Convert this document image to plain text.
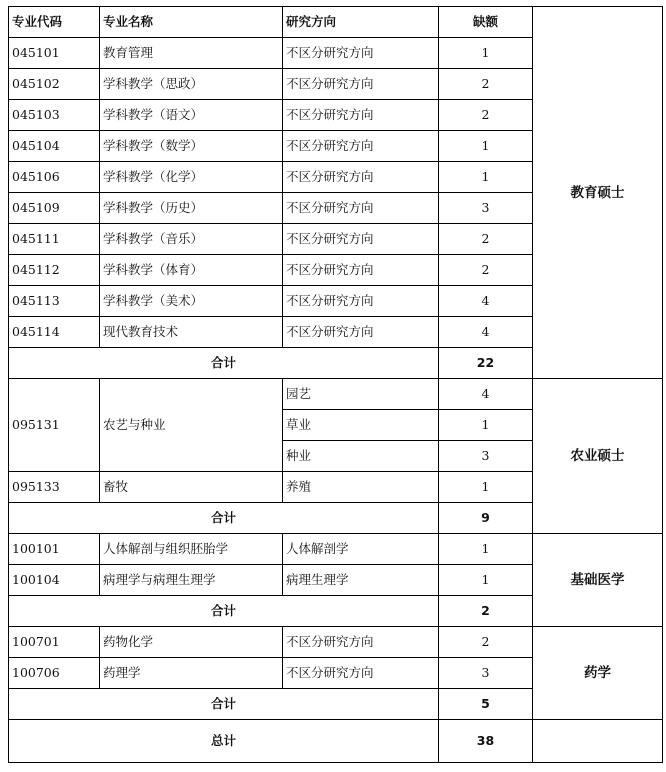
专业代码	专业名称	研究方向	缺额	教育硕士
045101	教育管理	不区分研究方向	1	
045102	学科教学（思政）	不区分研究方向	2	
045103	学科教学（语文）	不区分研究方向	2	
045104	学科教学（数学）	不区分研究方向	1	
045106	学科教学（化学）	不区分研究方向	1	
045109	学科教学（历史）	不区分研究方向	3	
045111	学科教学（音乐）	不区分研究方向	2	
045112	学科教学（体育）	不区分研究方向	2	
045113	学科教学（美术）	不区分研究方向	4	
045114	现代教育技术	不区分研究方向	4	
合计			22	
095131	农艺与种业	园艺	4	农业硕士
		草业	1	
		种业	3	
095133	畜牧	养殖	1	
合计			9	
100101	人体解剖与组织胚胎学	人体解剖学	1	基础医学
100104	病理学与病理生理学	病理生理学	1	
合计			2	
100701	药物化学	不区分研究方向	2	药学
100706	药理学	不区分研究方向	3	
合计			5	
总计			38	
